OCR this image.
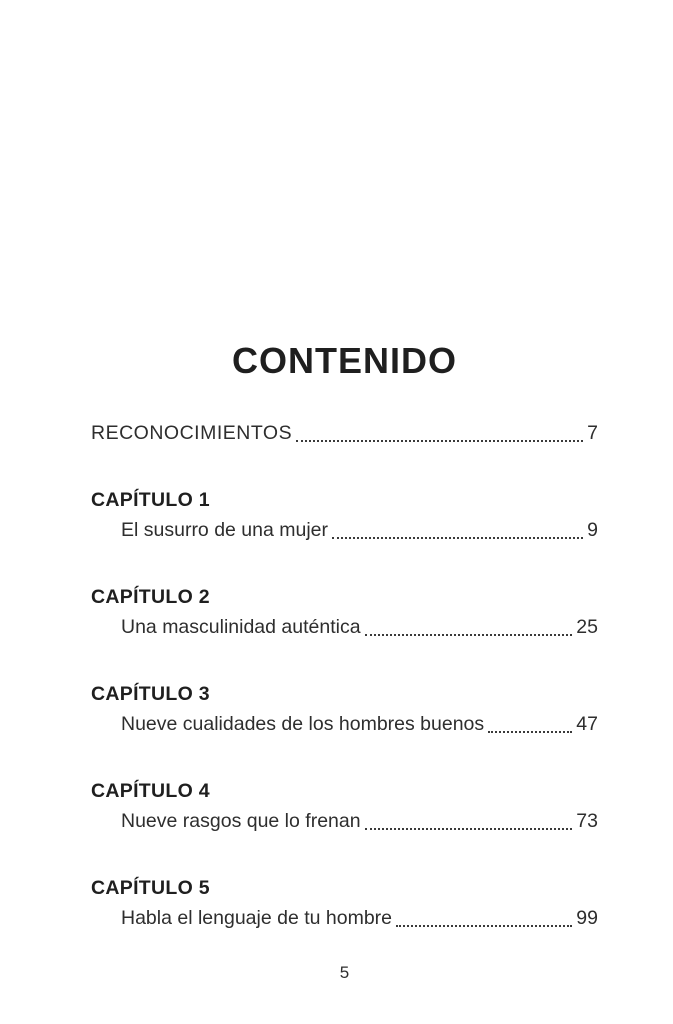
CONTENIDO
RECONOCIMIENTOS	7
CAPÍTULO 1
El susurro de una mujer	9
CAPÍTULO 2
Una masculinidad auténtica	25
CAPÍTULO 3
Nueve cualidades de los hombres buenos	47
CAPÍTULO 4
Nueve rasgos que lo frenan	73
CAPÍTULO 5
Habla el lenguaje de tu hombre	99
5
